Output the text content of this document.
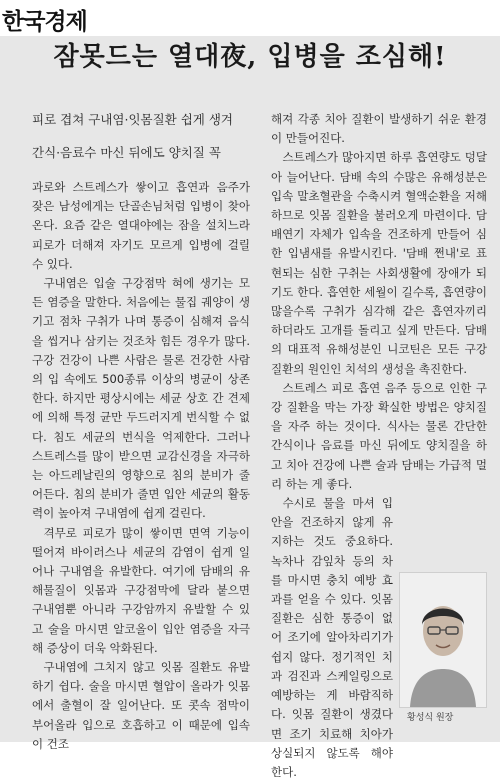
한국경제
잠못드는 열대夜, 입병을 조심해!

피로 겹쳐 구내염·잇몸질환 쉽게 생겨

간식·음료수 마신 뒤에도 양치질 꼭

과로와 스트레스가 쌓이고 흡연과 음주가 잦은 남성에게는 단골손님처럼 입병이 찾아온다. 요즘 같은 열대야에는 잠을 설치느라 피로가 더해져 자기도 모르게 입병에 걸릴 수 있다.

구내염은 입술 구강점막 혀에 생기는 모든 염증을 말한다. 처음에는 물집 궤양이 생기고 점차 구취가 나며 통증이 심해져 음식을 씹거나 삼키는 것조차 힘든 경우가 많다. 구강 건강이 나쁜 사람은 물론 건강한 사람의 입 속에도 500종류 이상의 병균이 상존한다. 하지만 평상시에는 세균 상호 간 견제에 의해 특정 균만 두드러지게 번식할 수 없다. 침도 세균의 번식을 억제한다. 그러나 스트레스를 많이 받으면 교감신경을 자극하는 아드레날린의 영향으로 침의 분비가 줄어든다. 침의 분비가 줄면 입안 세균의 활동력이 높아져 구내염에 쉽게 걸린다.

격무로 피로가 많이 쌓이면 면역 기능이 떨어져 바이러스나 세균의 감염이 쉽게 일어나 구내염을 유발한다. 여기에 담배의 유해물질이 잇몸과 구강점막에 달라 붙으면 구내염뿐 아니라 구강암까지 유발할 수 있고 술을 마시면 알코올이 입안 염증을 자극해 증상이 더욱 악화된다.

구내염에 그치지 않고 잇몸 질환도 유발하기 쉽다. 술을 마시면 혈압이 올라가 잇몸에서 출혈이 잘 일어난다. 또 콧속 점막이 부어올라 입으로 호흡하고 이 때문에 입속이 건조

해져 각종 치아 질환이 발생하기 쉬운 환경이 만들어진다.

스트레스가 많아지면 하루 흡연량도 덩달아 늘어난다. 담배 속의 수많은 유해성분은 입속 말초혈관을 수축시켜 혈액순환을 저해하므로 잇몸 질환을 불러오게 마련이다. 담배연기 자체가 입속을 건조하게 만들어 심한 입냄새를 유발시킨다. '담배 쩐내'로 표현되는 심한 구취는 사회생활에 장애가 되기도 한다. 흡연한 세월이 길수록, 흡연량이 많을수록 구취가 심각해 같은 흡연자끼리 하더라도 고개를 돌리고 싶게 만든다. 담배의 대표적 유해성분인 니코틴은 모든 구강 질환의 원인인 치석의 생성을 촉진한다.

스트레스 피로 흡연 음주 등으로 인한 구강 질환을 막는 가장 확실한 방법은 양치질을 자주 하는 것이다. 식사는 물론 간단한 간식이나 음료를 마신 뒤에도 양치질을 하고 치아 건강에 나쁜 술과 담배는 가급적 멀리 하는 게 좋다.

수시로 물을 마셔 입안을 건조하지 않게 유지하는 것도 중요하다. 녹차나 감잎차 등의 차를 마시면 충치 예방 효과를 얻을 수 있다. 잇몸 질환은 심한 통증이 없어 조기에 알아차리기가 쉽지 않다. 정기적인 치과 검진과 스케일링으로 예방하는 게 바람직하다. 잇몸 질환이 생겼다면 조기 치료해 치아가 상실되지 않도록 해야 한다.

황성식 원장
